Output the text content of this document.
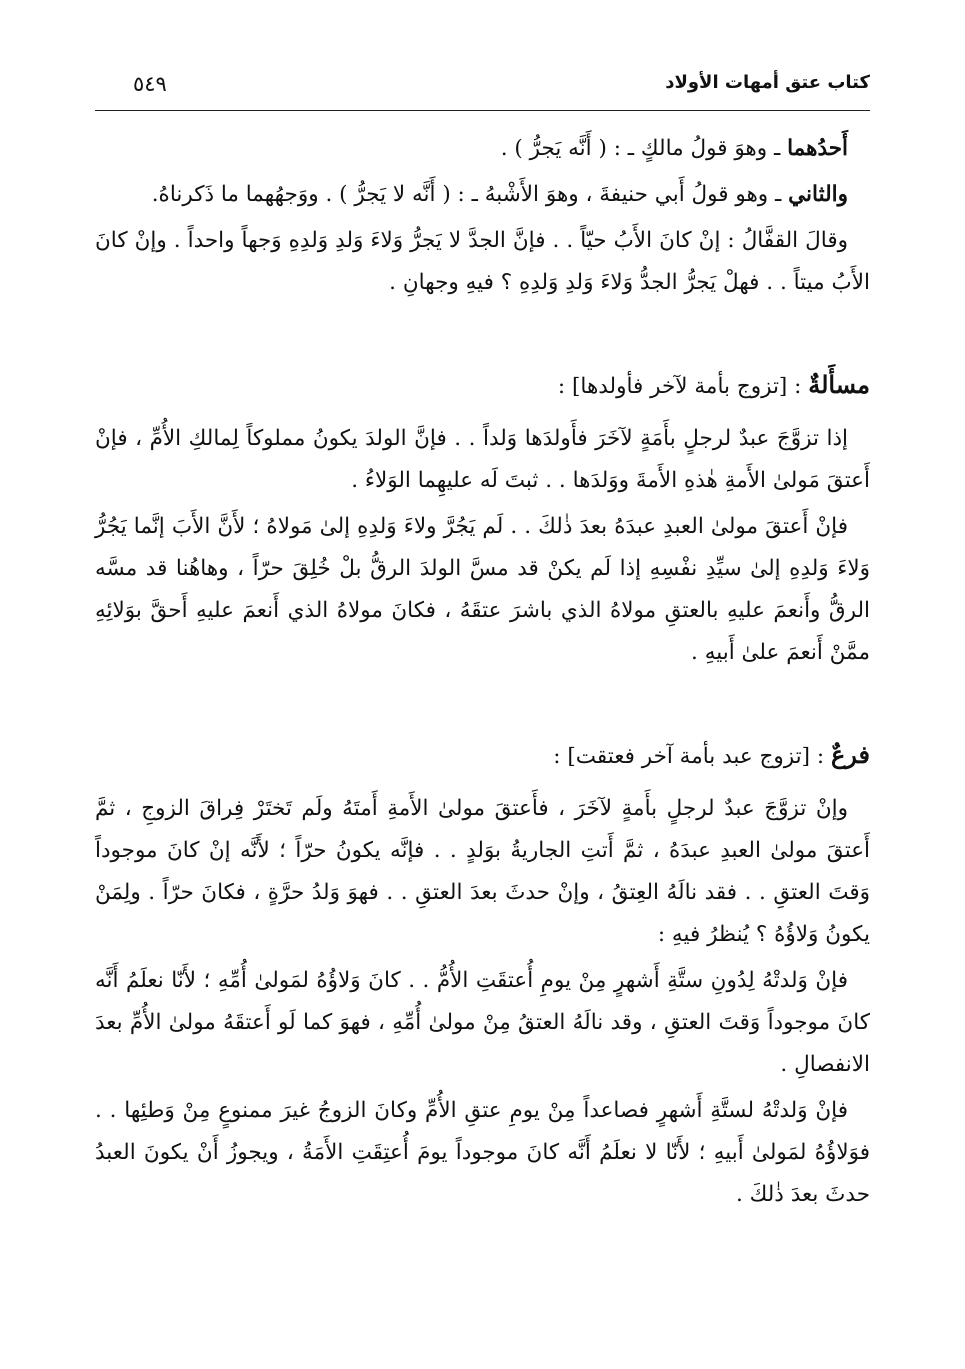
كتاب عتق أمهات الأولاد
٥٤٩

أَحدُهما ـ وهوَ قولُ مالكٍ ـ : ( أَنَّه يَجرُّ ) .

والثاني ـ وهو قولُ أَبي حنيفةَ ، وهوَ الأَشْبهُ ـ : ( أَنَّه لا يَجرُّ ) . ووَجهُهما ما ذَكرناهُ.

وقالَ القفَّالُ : إنْ كانَ الأَبُ حيّاً . . فإنَّ الجدَّ لا يَجرُّ وَلاءَ وَلدِ وَلدِهِ وَجهاً واحداً . وإنْ كانَ الأَبُ ميتاً . . فهلْ يَجرُّ الجدُّ وَلاءَ وَلدِ وَلدِهِ ؟ فيهِ وجهانِ .

مسأَلةٌ : [تزوج بأمة لآخر فأولدها] :

إذا تزوَّجَ عبدٌ لرجلٍ بأَمَةٍ لآخَرَ فأَولدَها وَلداً . . فإنَّ الولدَ يكونُ مملوكاً لِمالكِ الأُمِّ ، فإنْ أَعتقَ مَولىٰ الأَمةِ هٰذهِ الأَمةَ ووَلدَها . . ثبتَ لَه عليهِما الوَلاءُ .

فإنْ أَعتقَ مولىٰ العبدِ عبدَهُ بعدَ ذٰلكَ . . لَم يَجُرَّ ولاءَ وَلدِهِ إلىٰ مَولاهُ ؛ لأَنَّ الأَبَ إنَّما يَجُرُّ وَلاءَ وَلدِهِ إلىٰ سيِّدِ نفْسِهِ إذا لَم يكنْ قد مسَّ الولدَ الرقُّ بلْ خُلِقَ حرّاً ، وهاهُنا قد مسَّه الرقُّ وأَنعمَ عليهِ بالعتقِ مولاهُ الذي باشرَ عتقَهُ ، فكانَ مولاهُ الذي أَنعمَ عليهِ أَحقَّ بوَلائِهِ ممَّنْ أَنعمَ علىٰ أَبيهِ .

فرعٌ : [تزوج عبد بأمة آخر فعتقت] :

وإنْ تزوَّجَ عبدٌ لرجلٍ بأَمةٍ لآخَرَ ، فأَعتقَ مولىٰ الأَمةِ أَمتَهُ ولَم تَختَرْ فِراقَ الزوجِ ، ثمَّ أَعتقَ مولىٰ العبدِ عبدَهُ ، ثمَّ أَتتِ الجاريةُ بوَلدٍ . . فإنَّه يكونُ حرّاً ؛ لأَنَّه إنْ كانَ موجوداً وَقتَ العتقِ . . فقد نالَهُ العِتقُ ، وإنْ حدثَ بعدَ العتقِ . . فهوَ وَلدُ حرَّةٍ ، فكانَ حرّاً . ولِمَنْ يكونُ وَلاؤُهُ ؟ يُنظرُ فيهِ :

فإنْ وَلدتْهُ لِدُونِ ستَّةِ أَشهرٍ مِنْ يومِ أُعتقَتِ الأُمُّ . . كانَ وَلاؤُهُ لمَولىٰ أُمِّهِ ؛ لأَنّا نعلَمُ أَنَّه كانَ موجوداً وَقتَ العتقِ ، وقد نالَهُ العتقُ مِنْ مولىٰ أُمِّهِ ، فهوَ كما لَو أَعتقَهُ مولىٰ الأُمِّ بعدَ الانفصالِ .

فإنْ وَلدتْهُ لستَّةِ أَشهرٍ فصاعداً مِنْ يومِ عتقِ الأُمِّ وكانَ الزوجُ غيرَ ممنوعٍ مِنْ وَطئِها . . فوَلاؤُهُ لمَولىٰ أَبيهِ ؛ لأَنّا لا نعلَمُ أَنَّه كانَ موجوداً يومَ أُعتِقَتِ الأَمَةُ ، ويجوزُ أَنْ يكونَ العبدُ حدثَ بعدَ ذٰلكَ .
